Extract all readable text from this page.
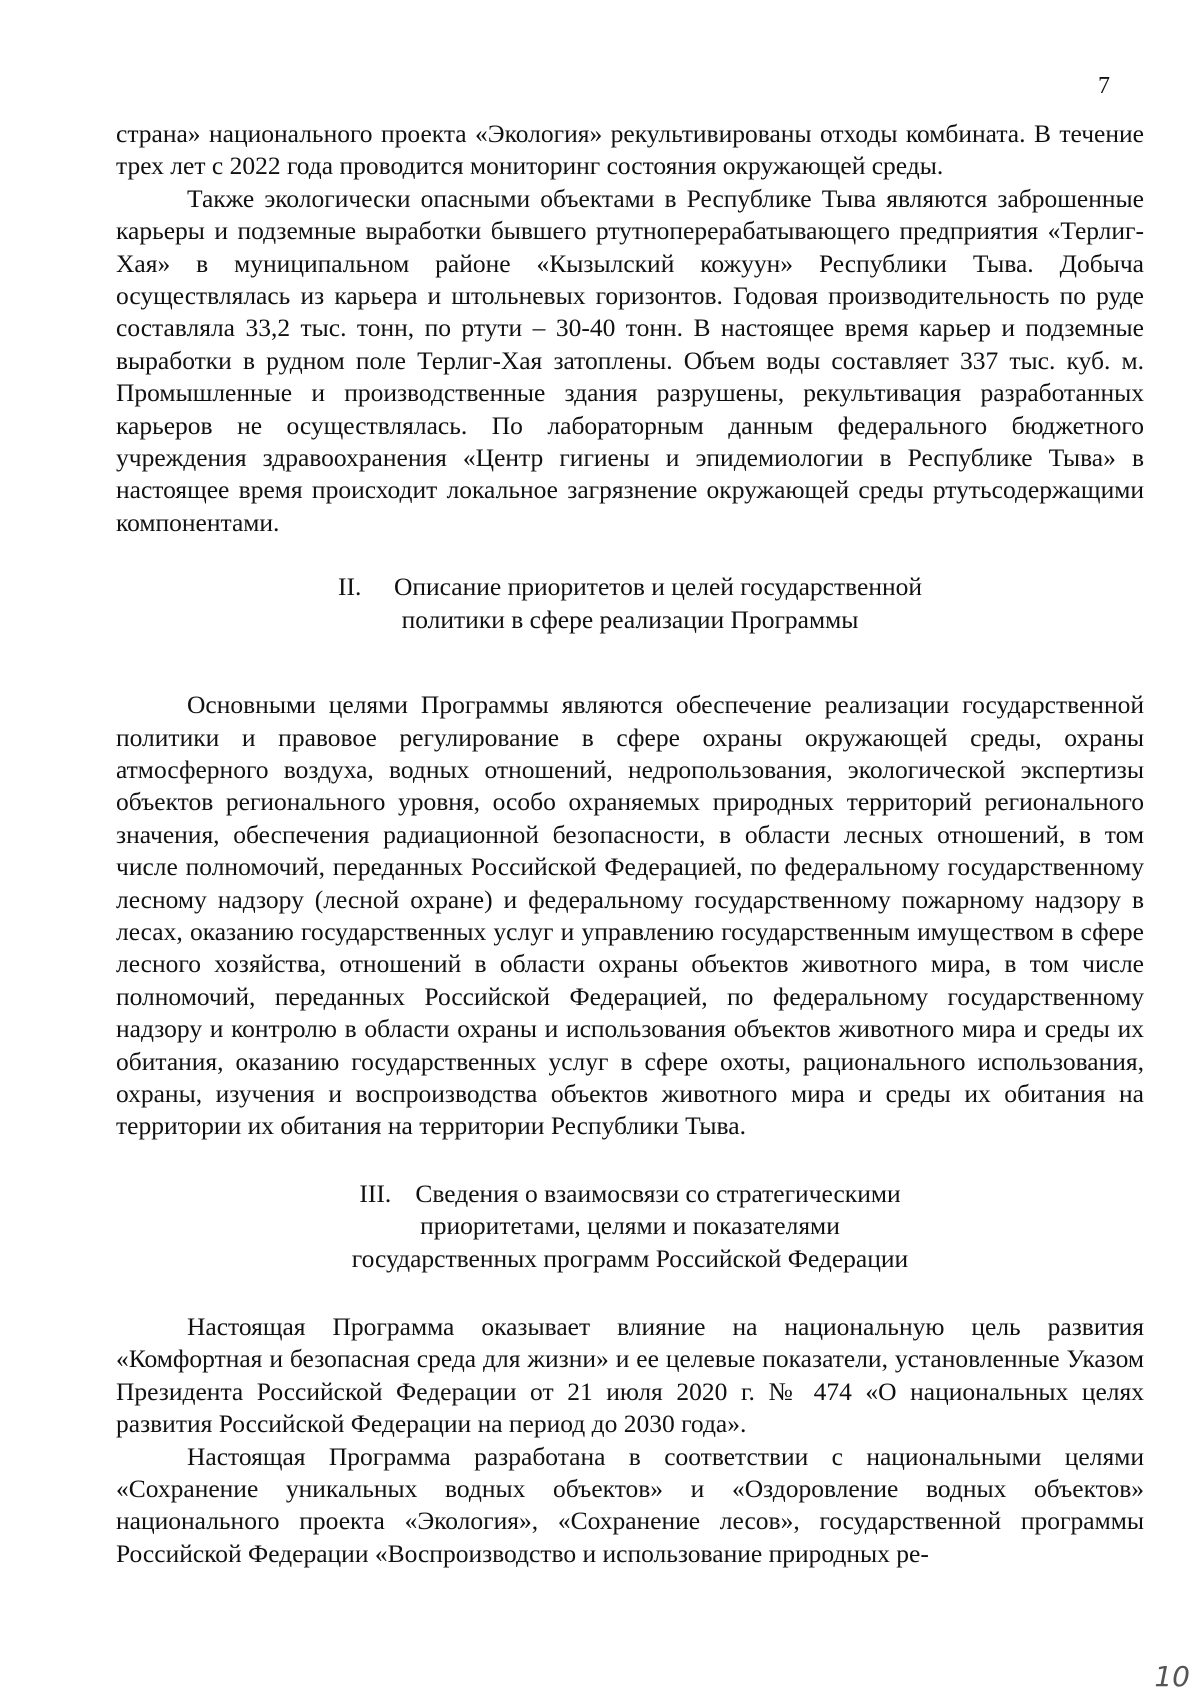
7

страна» национального проекта «Экология» рекультивированы отходы комбината. В течение трех лет с 2022 года проводится мониторинг состояния окружающей среды.

Также экологически опасными объектами в Республике Тыва являются заброшенные карьеры и подземные выработки бывшего ртутноперерабатывающего предприятия «Терлиг-Хая» в муниципальном районе «Кызылский кожуун» Республики Тыва. Добыча осуществлялась из карьера и штольневых горизонтов. Годовая производительность по руде составляла 33,2 тыс. тонн, по ртути – 30-40 тонн. В настоящее время карьер и подземные выработки в рудном поле Терлиг-Хая затоплены. Объем воды составляет 337 тыс. куб. м. Промышленные и производственные здания разрушены, рекультивация разработанных карьеров не осуществлялась. По лабораторным данным федерального бюджетного учреждения здравоохранения «Центр гигиены и эпидемиологии в Республике Тыва» в настоящее время происходит локальное загрязнение окружающей среды ртутьсодержащими компонентами.

II. Описание приоритетов и целей государственной

политики в сфере реализации Программы

Основными целями Программы являются обеспечение реализации государственной политики и правовое регулирование в сфере охраны окружающей среды, охраны атмосферного воздуха, водных отношений, недропользования, экологической экспертизы объектов регионального уровня, особо охраняемых природных территорий регионального значения, обеспечения радиационной безопасности, в области лесных отношений, в том числе полномочий, переданных Российской Федерацией, по федеральному государственному лесному надзору (лесной охране) и федеральному государственному пожарному надзору в лесах, оказанию государственных услуг и управлению государственным имуществом в сфере лесного хозяйства, отношений в области охраны объектов животного мира, в том числе полномочий, переданных Российской Федерацией, по федеральному государственному надзору и контролю в области охраны и использования объектов животного мира и среды их обитания, оказанию государственных услуг в сфере охоты, рационального использования, охраны, изучения и воспроизводства объектов животного мира и среды их обитания на территории их обитания на территории Республики Тыва.

III. Сведения о взаимосвязи со стратегическими

приоритетами, целями и показателями

государственных программ Российской Федерации

Настоящая Программа оказывает влияние на национальную цель развития «Комфортная и безопасная среда для жизни» и ее целевые показатели, установленные Указом Президента Российской Федерации от 21 июля 2020 г. № 474 «О национальных целях развития Российской Федерации на период до 2030 года».

Настоящая Программа разработана в соответствии с национальными целями «Сохранение уникальных водных объектов» и «Оздоровление водных объектов» национального проекта «Экология», «Сохранение лесов», государственной программы Российской Федерации «Воспроизводство и использование природных ре-

10
